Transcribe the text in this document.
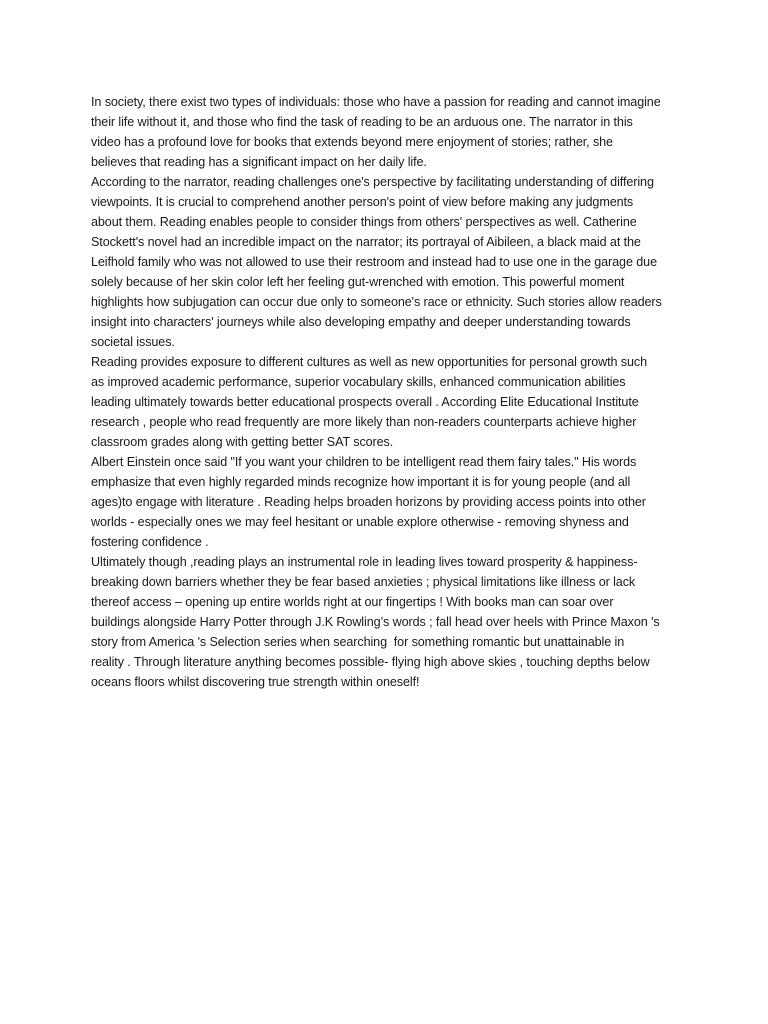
In society, there exist two types of individuals: those who have a passion for reading and cannot imagine
their life without it, and those who find the task of reading to be an arduous one. The narrator in this
video has a profound love for books that extends beyond mere enjoyment of stories; rather, she
believes that reading has a significant impact on her daily life.
According to the narrator, reading challenges one's perspective by facilitating understanding of differing
viewpoints. It is crucial to comprehend another person's point of view before making any judgments
about them. Reading enables people to consider things from others' perspectives as well. Catherine
Stockett's novel had an incredible impact on the narrator; its portrayal of Aibileen, a black maid at the
Leifhold family who was not allowed to use their restroom and instead had to use one in the garage due
solely because of her skin color left her feeling gut-wrenched with emotion. This powerful moment
highlights how subjugation can occur due only to someone's race or ethnicity. Such stories allow readers
insight into characters' journeys while also developing empathy and deeper understanding towards
societal issues.
Reading provides exposure to different cultures as well as new opportunities for personal growth such
as improved academic performance, superior vocabulary skills, enhanced communication abilities
leading ultimately towards better educational prospects overall . According Elite Educational Institute
research , people who read frequently are more likely than non-readers counterparts achieve higher
classroom grades along with getting better SAT scores.
Albert Einstein once said "If you want your children to be intelligent read them fairy tales." His words
emphasize that even highly regarded minds recognize how important it is for young people (and all
ages)to engage with literature . Reading helps broaden horizons by providing access points into other
worlds - especially ones we may feel hesitant or unable explore otherwise - removing shyness and
fostering confidence .
Ultimately though ,reading plays an instrumental role in leading lives toward prosperity & happiness-
breaking down barriers whether they be fear based anxieties ; physical limitations like illness or lack
thereof access – opening up entire worlds right at our fingertips ! With books man can soar over
buildings alongside Harry Potter through J.K Rowling’s words ; fall head over heels with Prince Maxon 's
story from America 's Selection series when searching  for something romantic but unattainable in
reality . Through literature anything becomes possible- flying high above skies , touching depths below
oceans floors whilst discovering true strength within oneself!
